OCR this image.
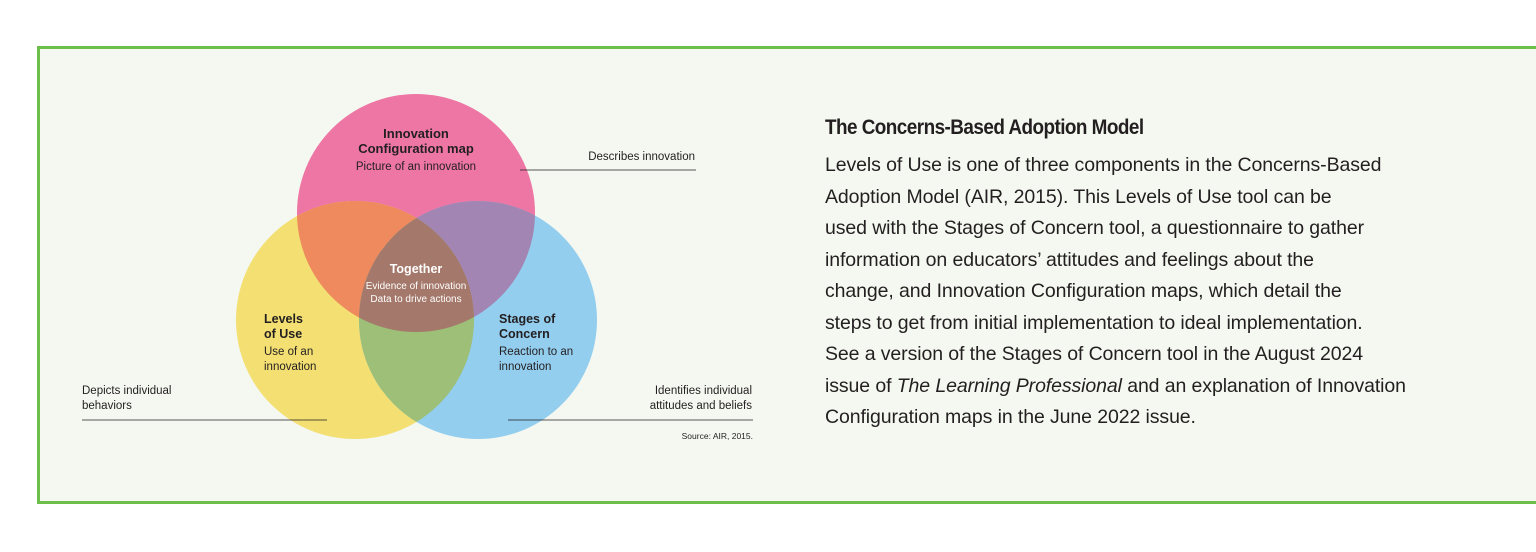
Innovation
Configuration map
Picture of an innovation
Together
Evidence of innovation
Data to drive actions
Levels
of Use
Use of an
innovation
Stages of
Concern
Reaction to an
innovation
Describes innovation
Depicts individual
behaviors
Identifies individual
attitudes and beliefs
Source: AIR, 2015.
The Concerns-Based Adoption Model

Levels of Use is one of three components in the Concerns-Based
Adoption Model (AIR, 2015). This Levels of Use tool can be
used with the Stages of Concern tool, a questionnaire to gather
information on educators’ attitudes and feelings about the
change, and Innovation Configuration maps, which detail the
steps to get from initial implementation to ideal implementation.
See a version of the Stages of Concern tool in the August 2024
issue of The Learning Professional and an explanation of Innovation
Configuration maps in the June 2022 issue.
